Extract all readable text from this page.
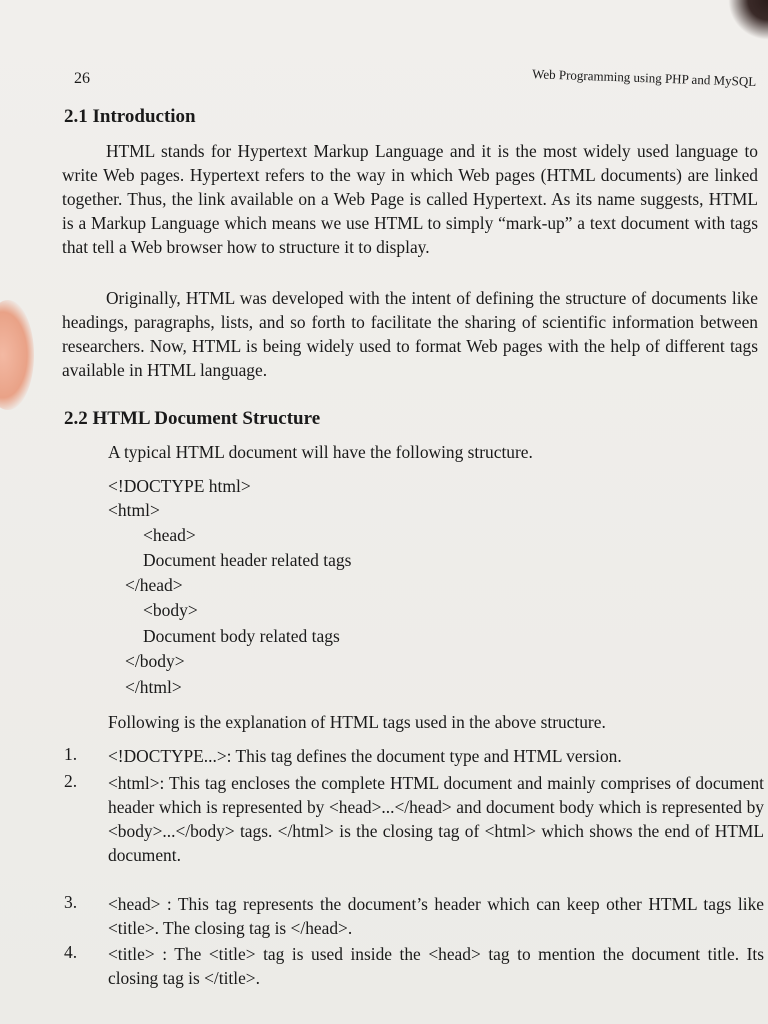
26	Web Programming using PHP and MySQL
2.1 Introduction

HTML stands for Hypertext Markup Language and it is the most widely used language to write Web pages. Hypertext refers to the way in which Web pages (HTML documents) are linked together. Thus, the link available on a Web Page is called Hypertext. As its name suggests, HTML is a Markup Language which means we use HTML to simply “mark-up” a text document with tags that tell a Web browser how to structure it to display.

Originally, HTML was developed with the intent of defining the structure of documents like headings, paragraphs, lists, and so forth to facilitate the sharing of scientific information between researchers. Now, HTML is being widely used to format Web pages with the help of different tags available in HTML language.

2.2 HTML Document Structure

A typical HTML document will have the following structure.

<!DOCTYPE html>
<html>
<head>
Document header related tags
</head>
<body>
Document body related tags
</body>
</html>

Following is the explanation of HTML tags used in the above structure.

1. <!DOCTYPE...>: This tag defines the document type and HTML version.

2. <html>: This tag encloses the complete HTML document and mainly comprises of document header which is represented by <head>...</head> and document body which is represented by <body>...</body> tags. </html> is the closing tag of <html> which shows the end of HTML document.

3. <head> : This tag represents the document’s header which can keep other HTML tags like <title>. The closing tag is </head>.

4. <title> : The <title> tag is used inside the <head> tag to mention the document title. Its closing tag is </title>.
